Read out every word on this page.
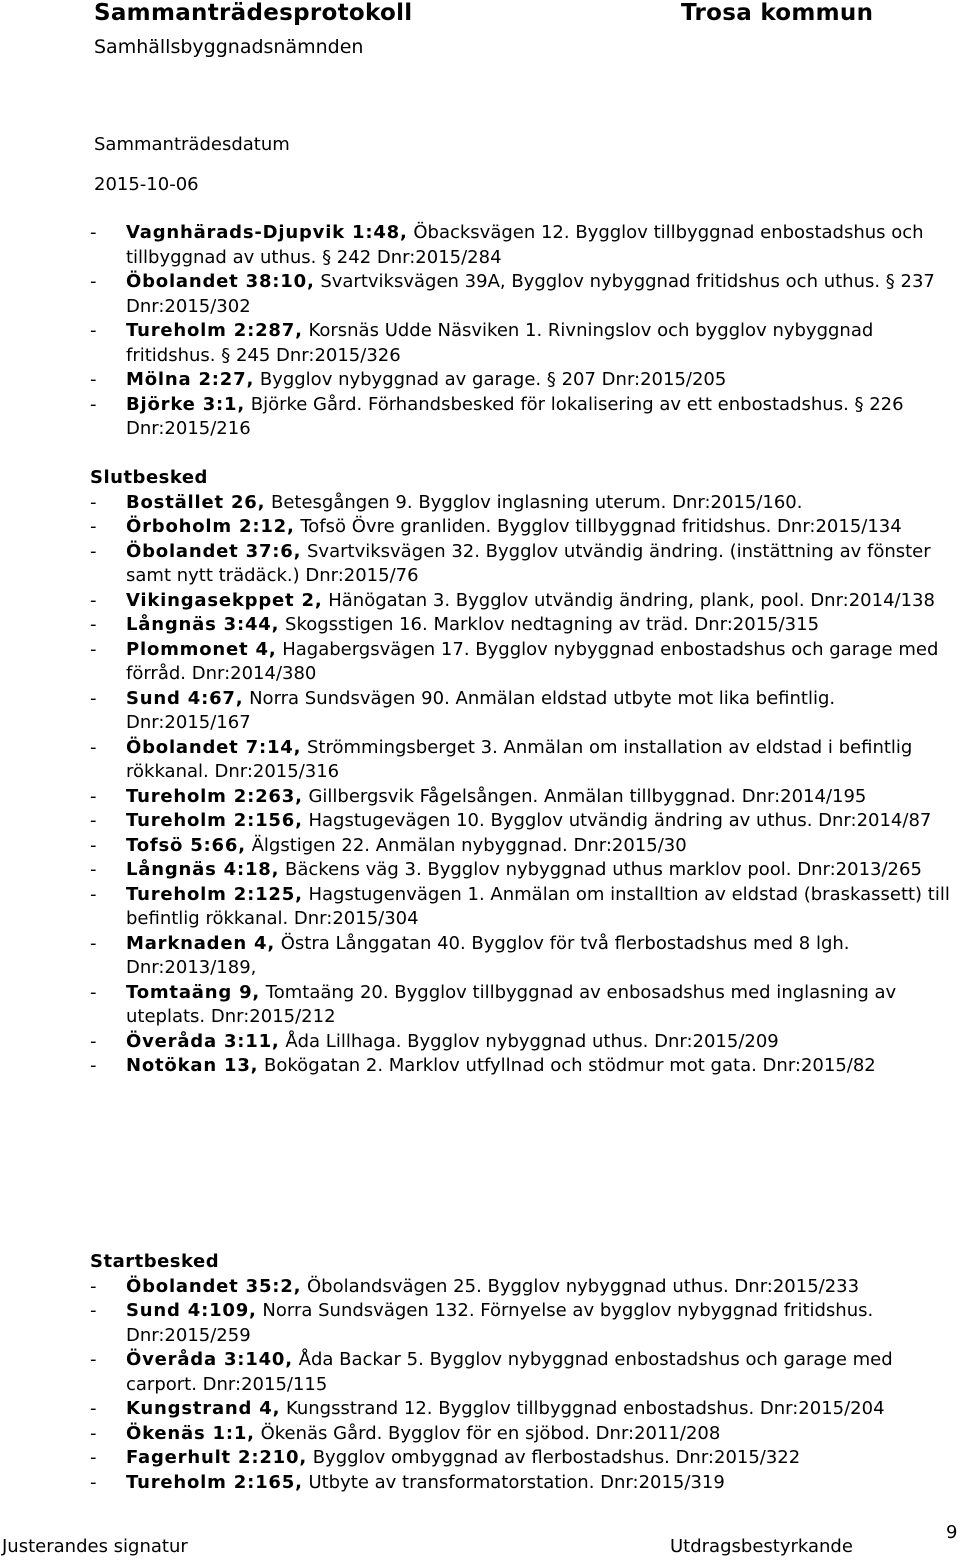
Sammanträdesprotokoll
Samhällsbyggnadsnämnden
Trosa kommun
Sammanträdesdatum
2015-10-06
-	Vagnhärads-Djupvik 1:48, Öbacksvägen 12. Bygglov tillbyggnad enbostadshus och tillbyggnad av uthus. § 242 Dnr:2015/284
-	Öbolandet 38:10, Svartviksvägen 39A, Bygglov nybyggnad fritidshus och uthus. § 237 Dnr:2015/302
-	Tureholm 2:287, Korsnäs Udde Näsviken 1. Rivningslov och bygglov nybyggnad fritidshus. § 245 Dnr:2015/326
-	Mölna 2:27, Bygglov nybyggnad av garage. § 207 Dnr:2015/205
-	Björke 3:1, Björke Gård. Förhandsbesked för lokalisering av ett enbostadshus. § 226 Dnr:2015/216
Slutbesked
-	Bostället 26, Betesgången 9. Bygglov inglasning uterum. Dnr:2015/160.
-	Örboholm 2:12, Tofsö Övre granliden. Bygglov tillbyggnad fritidshus. Dnr:2015/134
-	Öbolandet 37:6, Svartviksvägen 32. Bygglov utvändig ändring. (instättning av fönster samt nytt trädäck.) Dnr:2015/76
-	Vikingasekppet 2, Hänögatan 3. Bygglov utvändig ändring, plank, pool. Dnr:2014/138
-	Långnäs 3:44, Skogsstigen 16. Marklov nedtagning av träd. Dnr:2015/315
-	Plommonet 4, Hagabergsvägen 17. Bygglov nybyggnad enbostadshus och garage med förråd. Dnr:2014/380
-	Sund 4:67, Norra Sundsvägen 90. Anmälan eldstad utbyte mot lika befintlig. Dnr:2015/167
-	Öbolandet 7:14, Strömmingsberget 3. Anmälan om installation av eldstad i befintlig rökkanal. Dnr:2015/316
-	Tureholm 2:263, Gillbergsvik Fågelsången. Anmälan tillbyggnad. Dnr:2014/195
-	Tureholm 2:156, Hagstugevägen 10. Bygglov utvändig ändring av uthus. Dnr:2014/87
-	Tofsö 5:66, Älgstigen 22. Anmälan nybyggnad. Dnr:2015/30
-	Långnäs 4:18, Bäckens väg 3. Bygglov nybyggnad uthus marklov pool. Dnr:2013/265
-	Tureholm 2:125, Hagstugenvägen 1. Anmälan om installtion av eldstad (braskassett) till befintlig rökkanal. Dnr:2015/304
-	Marknaden 4, Östra Långgatan 40. Bygglov för två flerbostadshus med 8 lgh. Dnr:2013/189,
-	Tomtaäng 9, Tomtaäng 20. Bygglov tillbyggnad av enbosadshus med inglasning av uteplats. Dnr:2015/212
-	Överåda 3:11, Åda Lillhaga. Bygglov nybyggnad uthus. Dnr:2015/209
-	Notökan 13, Bokögatan 2. Marklov utfyllnad och stödmur mot gata. Dnr:2015/82
Startbesked
-	Öbolandet 35:2, Öbolandsvägen 25. Bygglov nybyggnad uthus. Dnr:2015/233
-	Sund 4:109, Norra Sundsvägen 132. Förnyelse av bygglov nybyggnad fritidshus. Dnr:2015/259
-	Överåda 3:140, Åda Backar 5. Bygglov nybyggnad enbostadshus och garage med carport. Dnr:2015/115
-	Kungstrand 4, Kungsstrand 12. Bygglov tillbyggnad enbostadshus. Dnr:2015/204
-	Ökenäs 1:1, Ökenäs Gård. Bygglov för en sjöbod. Dnr:2011/208
-	Fagerhult 2:210, Bygglov ombyggnad av flerbostadshus. Dnr:2015/322
-	Tureholm 2:165, Utbyte av transformatorstation. Dnr:2015/319
Justerandes signatur	Utdragsbestyrkande
9
